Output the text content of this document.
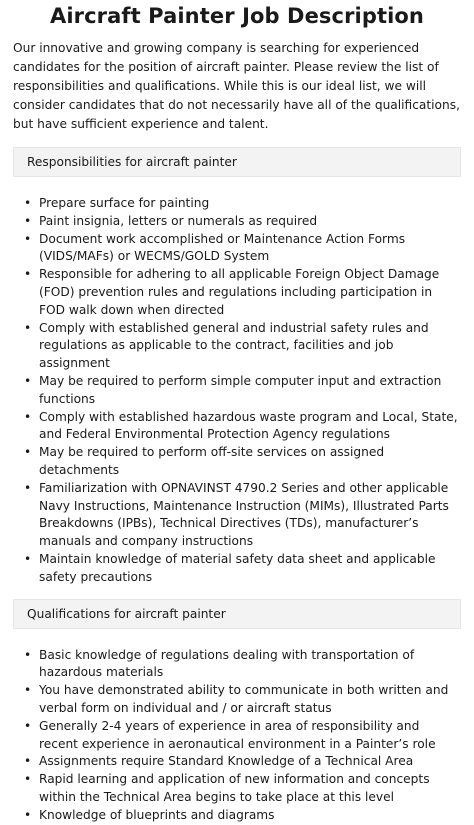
Aircraft Painter Job Description

Our innovative and growing company is searching for experienced candidates for the position of aircraft painter. Please review the list of responsibilities and qualifications. While this is our ideal list, we will consider candidates that do not necessarily have all of the qualifications, but have sufficient experience and talent.

Responsibilities for aircraft painter
• Prepare surface for painting
• Paint insignia, letters or numerals as required
• Document work accomplished or Maintenance Action Forms (VIDS/MAFs) or WECMS/GOLD System
• Responsible for adhering to all applicable Foreign Object Damage (FOD) prevention rules and regulations including participation in FOD walk down when directed
• Comply with established general and industrial safety rules and regulations as applicable to the contract, facilities and job assignment
• May be required to perform simple computer input and extraction functions
• Comply with established hazardous waste program and Local, State, and Federal Environmental Protection Agency regulations
• May be required to perform off-site services on assigned detachments
• Familiarization with OPNAVINST 4790.2 Series and other applicable Navy Instructions, Maintenance Instruction (MIMs), Illustrated Parts Breakdowns (IPBs), Technical Directives (TDs), manufacturer’s manuals and company instructions
• Maintain knowledge of material safety data sheet and applicable safety precautions
Qualifications for aircraft painter
• Basic knowledge of regulations dealing with transportation of hazardous materials
• You have demonstrated ability to communicate in both written and verbal form on individual and / or aircraft status
• Generally 2-4 years of experience in area of responsibility and recent experience in aeronautical environment in a Painter’s role
• Assignments require Standard Knowledge of a Technical Area
• Rapid learning and application of new information and concepts within the Technical Area begins to take place at this level
• Knowledge of blueprints and diagrams
